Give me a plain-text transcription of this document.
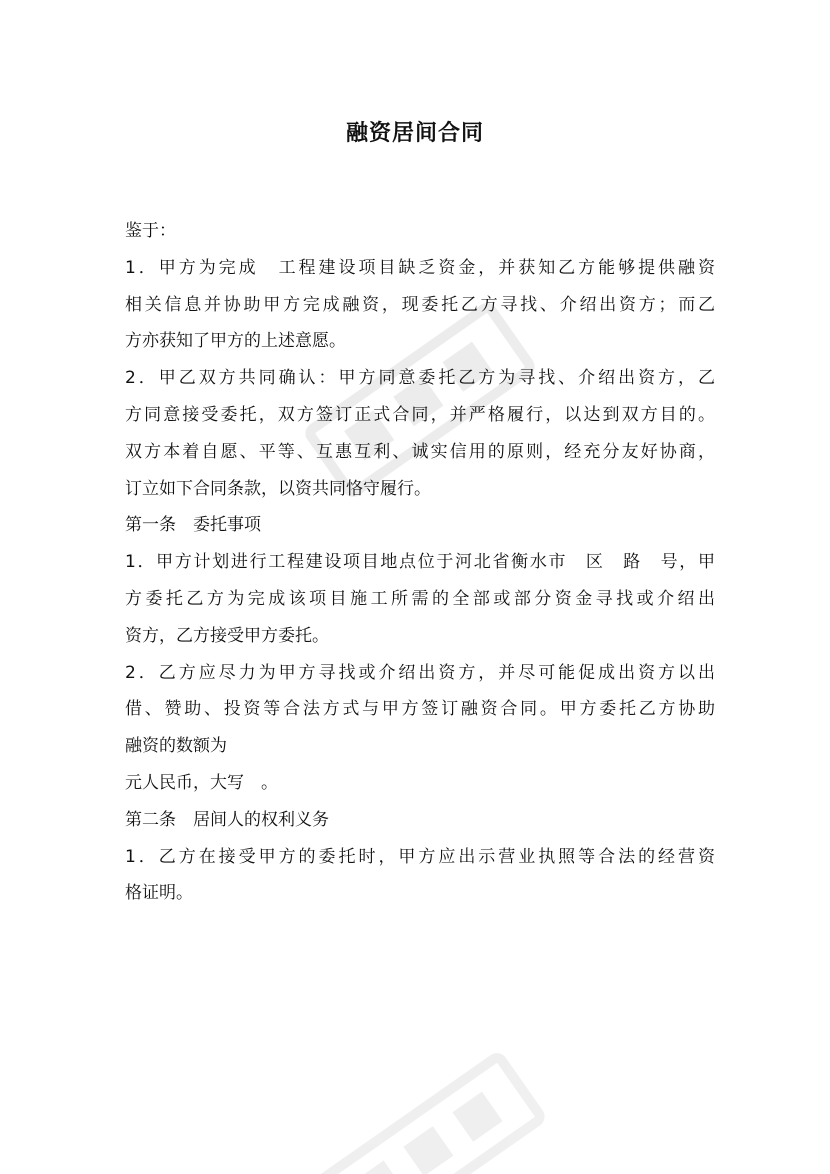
融资居间合同
鉴于：
1．甲方为完成　工程建设项目缺乏资金，并获知乙方能够提供融资
相关信息并协助甲方完成融资，现委托乙方寻找、介绍出资方；而乙
方亦获知了甲方的上述意愿。
2．甲乙双方共同确认：甲方同意委托乙方为寻找、介绍出资方，乙
方同意接受委托，双方签订正式合同，并严格履行，以达到双方目的。
双方本着自愿、平等、互惠互利、诚实信用的原则，经充分友好协商，
订立如下合同条款，以资共同恪守履行。
第一条　委托事项
1．甲方计划进行工程建设项目地点位于河北省衡水市　区　路　号，甲
方委托乙方为完成该项目施工所需的全部或部分资金寻找或介绍出
资方，乙方接受甲方委托。
2．乙方应尽力为甲方寻找或介绍出资方，并尽可能促成出资方以出
借、赞助、投资等合法方式与甲方签订融资合同。甲方委托乙方协助
融资的数额为
元人民币，大写　。
第二条　居间人的权利义务
1．乙方在接受甲方的委托时，甲方应出示营业执照等合法的经营资
格证明。
